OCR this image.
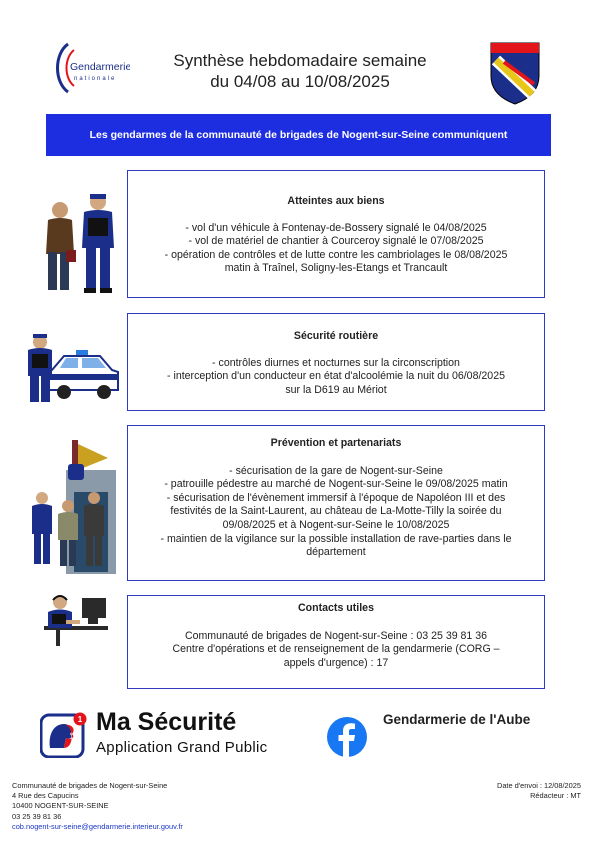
Gendarmerie
nationale
Synthèse hebdomadaire semaine
du 04/08 au 10/08/2025
Les gendarmes de la communauté de brigades de Nogent-sur-Seine communiquent
Atteintes aux biens
- vol d'un véhicule à Fontenay-de-Bossery signalé le 04/08/2025
- vol de matériel de chantier à Courceroy signalé le 07/08/2025
- opération de contrôles et de lutte contre les cambriolages le 08/08/2025
matin à Traînel, Soligny-les-Etangs et Trancault
Sécurité routière
- contrôles diurnes et nocturnes sur la circonscription
- interception d'un conducteur en état d'alcoolémie la nuit du 06/08/2025
sur la D619 au Mériot
Prévention et partenariats
- sécurisation de la gare de Nogent-sur-Seine
- patrouille pédestre au marché de Nogent-sur-Seine le 09/08/2025 matin
- sécurisation de l'évènement immersif à l'époque de Napoléon III et des
festivités de la Saint-Laurent, au château de La-Motte-Tilly la soirée du
09/08/2025 et à Nogent-sur-Seine le 10/08/2025
- maintien de la vigilance sur la possible installation de rave-parties dans le
département
Contacts utiles
Communauté de brigades de Nogent-sur-Seine : 03 25 39 81 36
Centre d'opérations et de renseignement de la gendarmerie (CORG –
appels d'urgence) : 17
1 Ma Sécurité
Application Grand Public
Gendarmerie de l'Aube
Communauté de brigades de Nogent-sur-Seine
4 Rue des Capucins
10400 NOGENT-SUR-SEINE
03 25 39 81 36
cob.nogent-sur-seine@gendarmerie.interieur.gouv.fr
Date d'envoi : 12/08/2025
Rédacteur : MT
